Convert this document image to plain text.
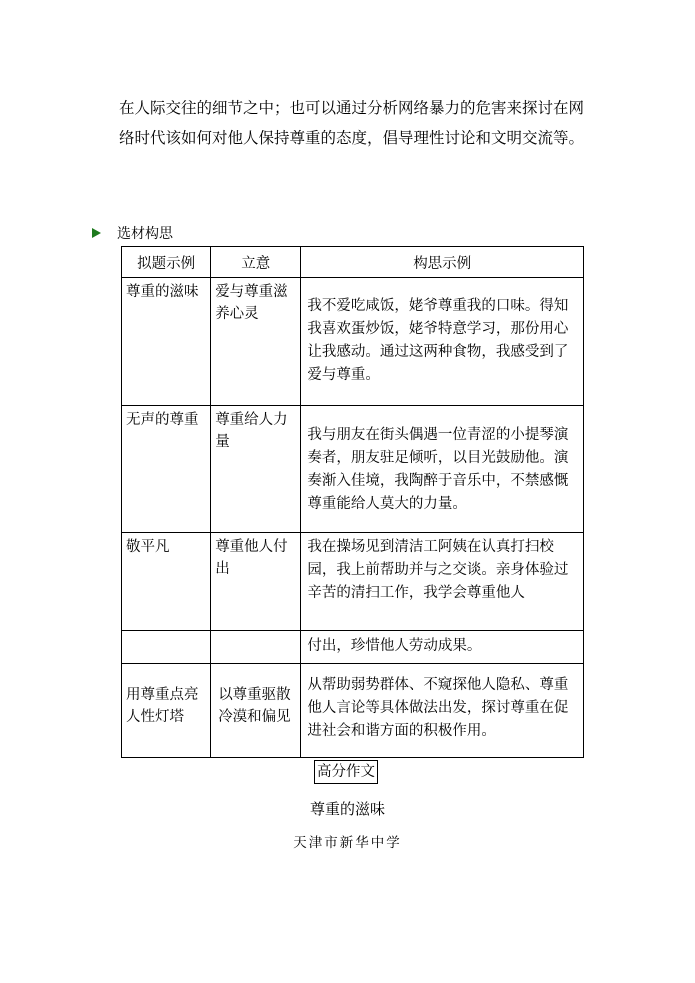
在人际交往的细节之中；也可以通过分析网络暴力的危害来探讨在网络时代该如何对他人保持尊重的态度，倡导理性讨论和文明交流等。

选材构思
拟题示例	立意	构思示例

尊重的滋味	爱与尊重滋养心灵	我不爱吃咸饭，姥爷尊重我的口味。得知我喜欢蛋炒饭，姥爷特意学习，那份用心让我感动。通过这两种食物，我感受到了爱与尊重。

无声的尊重	尊重给人力量	我与朋友在街头偶遇一位青涩的小提琴演奏者，朋友驻足倾听，以目光鼓励他。演奏渐入佳境，我陶醉于音乐中，不禁感慨尊重能给人莫大的力量。

敬平凡	尊重他人付出	我在操场见到清洁工阿姨在认真打扫校园，我上前帮助并与之交谈。亲身体验过辛苦的清扫工作，我学会尊重他人

		付出，珍惜他人劳动成果。

用尊重点亮人性灯塔	以尊重驱散冷漠和偏见	从帮助弱势群体、不窥探他人隐私、尊重他人言论等具体做法出发，探讨尊重在促进社会和谐方面的积极作用。
高分作文
尊重的滋味
天津市新华中学
